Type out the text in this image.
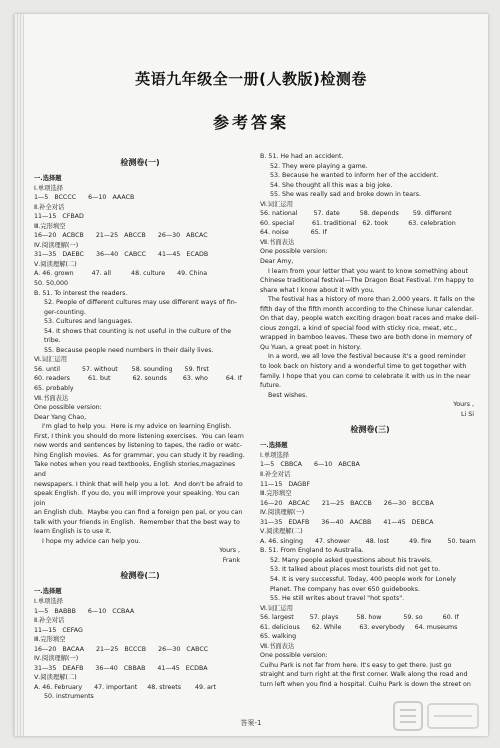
英语九年级全一册(人教版)检测卷
参考答案
检测卷(一)
一.选择题
Ⅰ.单项选择
1—5   BCCCC      6—10   AAACB
Ⅱ.补全对话
11—15   CFBAD
Ⅲ.完形填空
16—20   ACBCB      21—25   ABCCB      26—30   ABCAC
Ⅳ.阅读理解(一)
31—35   DAEBC      36—40   CABCC      41—45   ECADB
Ⅴ.阅读理解(二)
A. 46. grown         47. all          48. culture      49. China
50. 50,000
B. 51. To interest the readers.
52. People of different cultures may use different ways of fin-
ger-counting.
53. Cultures and languages.
54. It shows that counting is not useful in the culture of the
tribe.
55. Because people need numbers in their daily lives.
Ⅵ.词汇运用
56. until           57. without       58. sounding      59. first
60. readers         61. but           62. sounds        63. who         64. If
65. probably
Ⅶ.书面表达
One possible version:
Dear Yang Chao,
I'm glad to help you.  Here is my advice on learning English.
First, I think you should do more listening exercises.  You can learn
new words and sentences by listening to tapes, the radio or watc-
hing English movies.  As for grammar, you can study it by reading.
Take notes when you read textbooks, English stories,magazines and
newspapers. I think that will help you a lot.  And don't be afraid to
speak English. If you do, you will improve your speaking. You can join
an English club.  Maybe you can find a foreign pen pal, or you can
talk with your friends in English.  Remember that the best way to
learn English is to use it.
I hope my advice can help you.
Yours ,
Frank
检测卷(二)
一.选择题
Ⅰ.单项选择
1—5   BABBB      6—10   CCBAA
Ⅱ.补全对话
11—15   CEFAG
Ⅲ.完形填空
16—20   BACAA      21—25   BCCCB      26—30   CABCC
Ⅳ.阅读理解(一)
31—35   DEAFB      36—40   CBBAB      41—45   ECDBA
Ⅴ.阅读理解(二)
A. 46. February      47. important     48. streets       49. art
50. instruments
B. 51. He had an accident.
52. They were playing a game.
53. Because he wanted to inform her of the accident.
54. She thought all this was a big joke.
55. She was really sad and broke down in tears.
Ⅵ.词汇运用
56. national        57. date          58. depends       59. different
60. special         61. traditional   62. took          63. celebration
64. noise           65. If
Ⅶ.书面表达
One possible version:
Dear Amy,
I learn from your letter that you want to know something about
Chinese traditional festival—The Dragon Boat Festival. I'm happy to
share what I know about it with you.
The festival has a history of more than 2,000 years. It falls on the
fifth day of the fifth month according to the Chinese lunar calendar.
On that day, people watch exciting dragon boat races and make deli-
cious zongzi, a kind of special food with sticky rice, meat, etc.,
wrapped in bamboo leaves. These two are both done in memory of
Qu Yuan, a great poet in history.
In a word, we all love the festival because it's a good reminder
to look back on history and a wonderful time to get together with
family. I hope that you can come to celebrate it with us in the near
future.
Best wishes.
Yours ,
Li Si
检测卷(三)
一.选择题
Ⅰ.单项选择
1—5   CBBCA      6—10   ABCBA
Ⅱ.补全对话
11—15   DAGBF
Ⅲ.完形填空
16—20   ABCAC      21—25   BACCB      26—30   BCCBA
Ⅳ.阅读理解(一)
31—35   EDAFB      36—40   AACBB      41—45   DEBCA
Ⅴ.阅读理解(二)
A. 46. singing      47. shower        48. lost          49. fire        50. team
B. 51. From England to Australia.
52. Many people asked questions about his travels.
53. It talked about places most tourists did not get to.
54. It is very successful. Today, 400 people work for Lonely
Planet. The company has over 650 guidebooks.
55. He still writes about travel "hot spots".
Ⅵ.词汇运用
56. largest        57. plays         58. how           59. so          60. If
61. delicious      62. While         63. everybody     64. museums
65. walking
Ⅶ.书面表达
One possible version:
Cuihu Park is not far from here. It's easy to get there. Just go
straight and turn right at the first corner. Walk along the road and
turn left when you find a hospital. Cuihu Park is down the street on
答案-1
